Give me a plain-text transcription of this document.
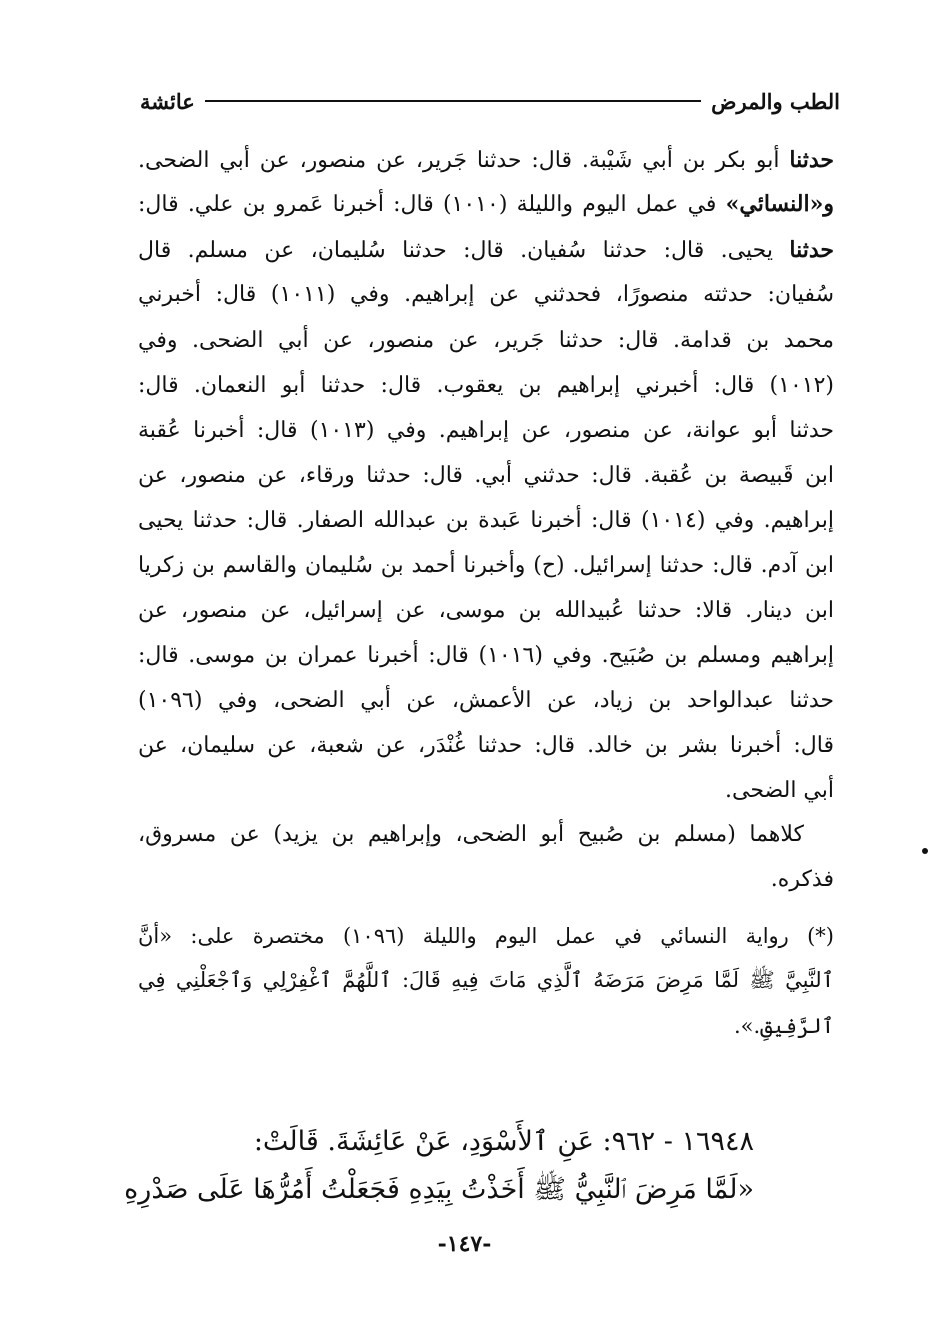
الطب والمرض
عائشة
حدثنا أبو بكر بن أبي شَيْبة. قال: حدثنا جَرير، عن منصور، عن أبي الضحى.
و«النسائي» في عمل اليوم والليلة (١٠١٠) قال: أخبرنا عَمرو بن علي. قال:
حدثنا يحيى. قال: حدثنا سُفيان. قال: حدثنا سُليمان، عن مسلم. قال
سُفيان: حدثته منصورًا، فحدثني عن إبراهيم. وفي (١٠١١) قال: أخبرني
محمد بن قدامة. قال: حدثنا جَرير، عن منصور، عن أبي الضحى. وفي
(١٠١٢) قال: أخبرني إبراهيم بن يعقوب. قال: حدثنا أبو النعمان. قال:
حدثنا أبو عوانة، عن منصور، عن إبراهيم. وفي (١٠١٣) قال: أخبرنا عُقبة
ابن قَبيصة بن عُقبة. قال: حدثني أبي. قال: حدثنا ورقاء، عن منصور، عن
إبراهيم. وفي (١٠١٤) قال: أخبرنا عَبدة بن عبدالله الصفار. قال: حدثنا يحيى
ابن آدم. قال: حدثنا إسرائيل. (ح) وأخبرنا أحمد بن سُليمان والقاسم بن زكريا
ابن دينار. قالا: حدثنا عُبيدالله بن موسى، عن إسرائيل، عن منصور، عن
إبراهيم ومسلم بن صُبَيح. وفي (١٠١٦) قال: أخبرنا عمران بن موسى. قال:
حدثنا عبدالواحد بن زياد، عن الأعمش، عن أبي الضحى، وفي (١٠٩٦)
قال: أخبرنا بشر بن خالد. قال: حدثنا غُنْدَر، عن شعبة، عن سليمان، عن
أبي الضحى.
كلاهما (مسلم بن صُبيح أبو الضحى، وإبراهيم بن يزيد) عن مسروق،
فذكره.
(*) رواية النسائي في عمل اليوم والليلة (١٠٩٦) مختصرة على: «أنَّ
ٱلنَّبِيَّ ﷺ لَمَّا مَرِضَ مَرَضَهُ ٱلَّذِي مَاتَ فِيهِ قَالَ: ٱللَّهُمَّ ٱغْفِرْلِي وَٱجْعَلْنِي فِي
ٱلرَّفِيقِ.».
١٦٩٤٨ - ٩٦٢: عَنِ ٱلأَسْوَدِ، عَنْ عَائِشَةَ. قَالَتْ:
«لَمَّا مَرِضَ ٱلنَّبِيُّ ﷺ أَخَذْتُ بِيَدِهِ فَجَعَلْتُ أَمُرُّهَا عَلَى صَدْرِهِ
-١٤٧-
